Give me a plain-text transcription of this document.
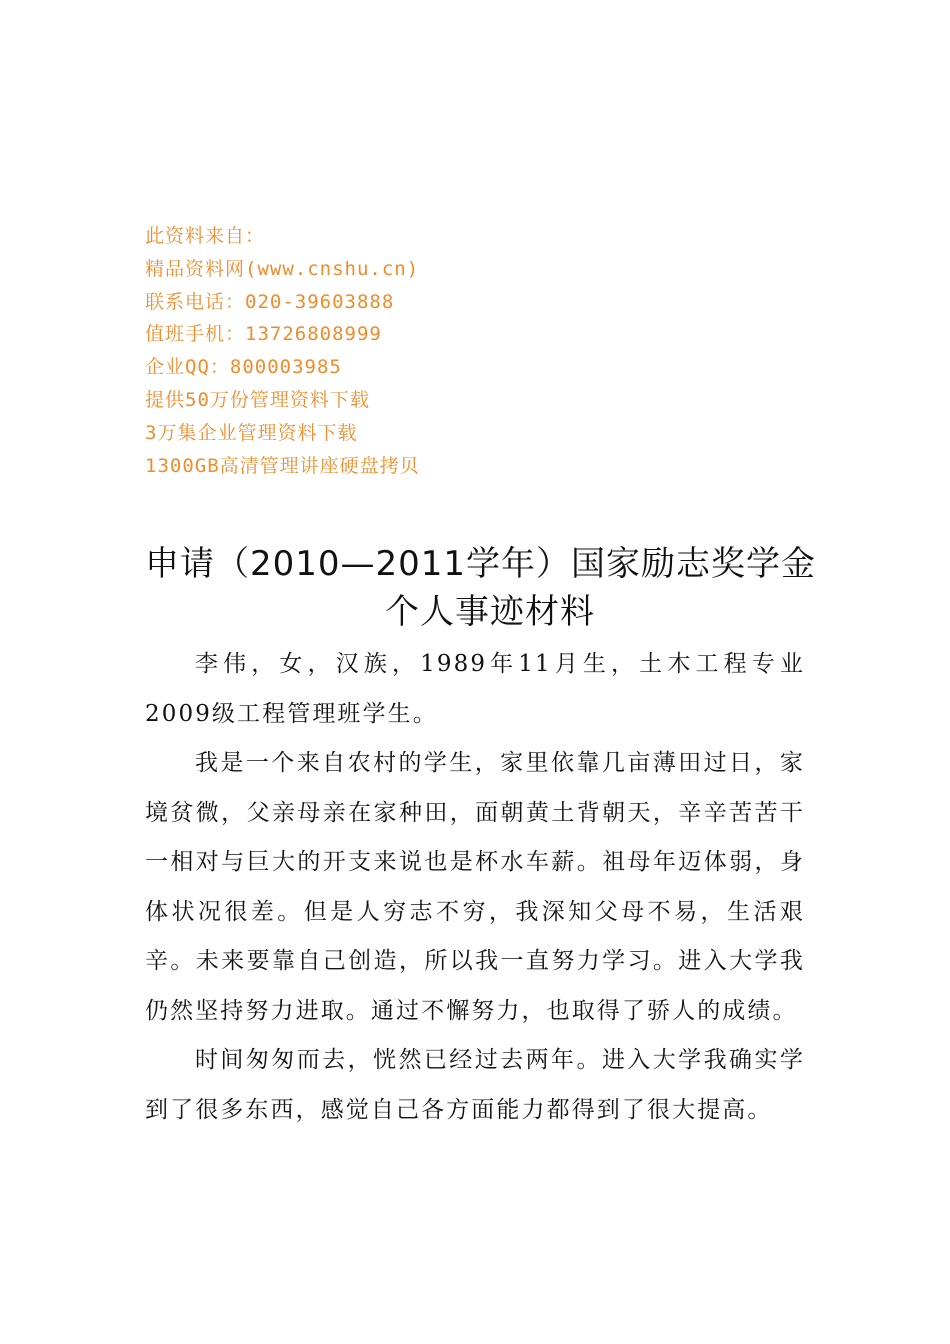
此资料来自：
精品资料网(www.cnshu.cn)
联系电话：020-39603888
值班手机：13726808999
企业QQ：800003985
提供50万份管理资料下载
3万集企业管理资料下载
1300GB高清管理讲座硬盘拷贝
申请（2010—2011学年）国家励志奖学金
个人事迹材料

李伟，女，汉族，1989年11月生，土木工程专业2009级工程管理班学生。

我是一个来自农村的学生，家里依靠几亩薄田过日，家境贫微，父亲母亲在家种田，面朝黄土背朝天，辛辛苦苦干一相对与巨大的开支来说也是杯水车薪。祖母年迈体弱，身体状况很差。但是人穷志不穷，我深知父母不易，生活艰辛。未来要靠自己创造，所以我一直努力学习。进入大学我仍然坚持努力进取。通过不懈努力，也取得了骄人的成绩。

时间匆匆而去，恍然已经过去两年。进入大学我确实学到了很多东西，感觉自己各方面能力都得到了很大提高。
